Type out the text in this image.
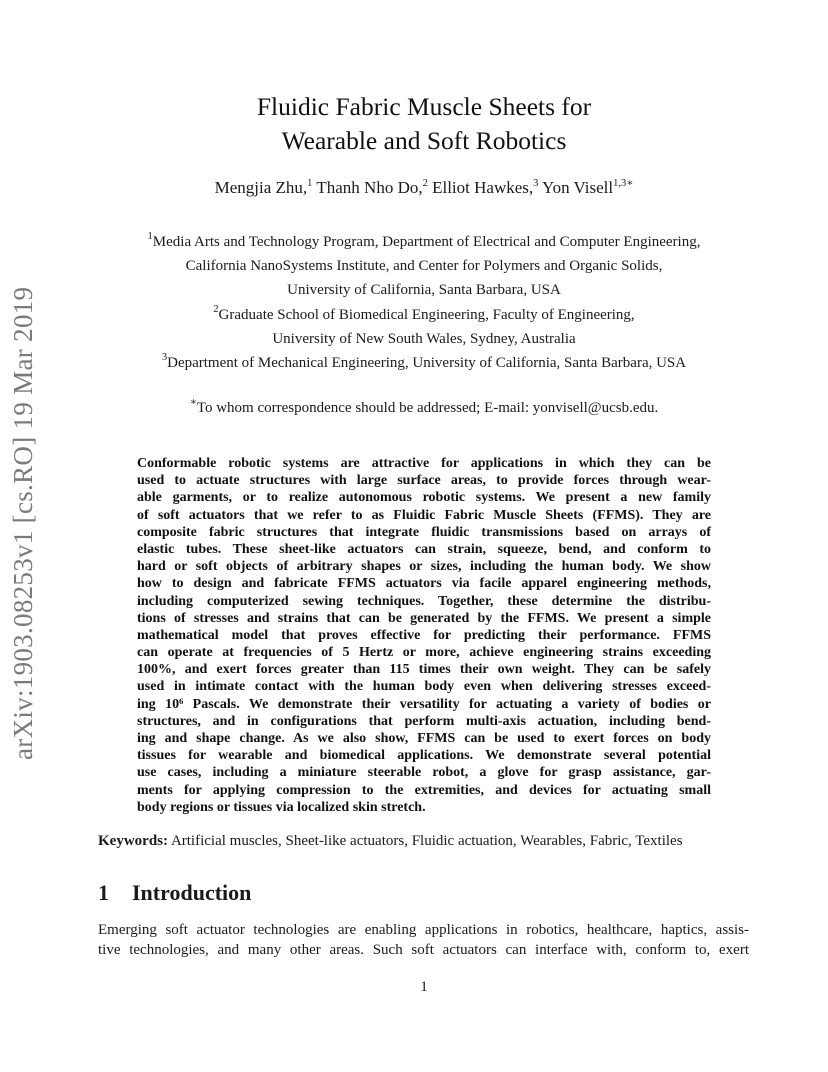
arXiv:1903.08253v1 [cs.RO] 19 Mar 2019
Fluidic Fabric Muscle Sheets for
Wearable and Soft Robotics
Mengjia Zhu,$^1$ Thanh Nho Do,$^2$ Elliot Hawkes,$^3$ Yon Visell$^{1,3∗}$
$^1$Media Arts and Technology Program, Department of Electrical and Computer Engineering,
California NanoSystems Institute, and Center for Polymers and Organic Solids,
University of California, Santa Barbara, USA
$^2$Graduate School of Biomedical Engineering, Faculty of Engineering,
University of New South Wales, Sydney, Australia
$^3$Department of Mechanical Engineering, University of California, Santa Barbara, USA
∗To whom correspondence should be addressed; E-mail: yonvisell@ucsb.edu.
Conformable robotic systems are attractive for applications in which they can be
used to actuate structures with large surface areas, to provide forces through wear-
able garments, or to realize autonomous robotic systems. We present a new family
of soft actuators that we refer to as Fluidic Fabric Muscle Sheets (FFMS). They are
composite fabric structures that integrate fluidic transmissions based on arrays of
elastic tubes. These sheet-like actuators can strain, squeeze, bend, and conform to
hard or soft objects of arbitrary shapes or sizes, including the human body. We show
how to design and fabricate FFMS actuators via facile apparel engineering methods,
including computerized sewing techniques. Together, these determine the distribu-
tions of stresses and strains that can be generated by the FFMS. We present a simple
mathematical model that proves effective for predicting their performance. FFMS
can operate at frequencies of 5 Hertz or more, achieve engineering strains exceeding
100%, and exert forces greater than 115 times their own weight. They can be safely
used in intimate contact with the human body even when delivering stresses exceed-
ing 10⁶ Pascals. We demonstrate their versatility for actuating a variety of bodies or
structures, and in configurations that perform multi-axis actuation, including bend-
ing and shape change. As we also show, FFMS can be used to exert forces on body
tissues for wearable and biomedical applications. We demonstrate several potential
use cases, including a miniature steerable robot, a glove for grasp assistance, gar-
ments for applying compression to the extremities, and devices for actuating small
body regions or tissues via localized skin stretch.
Keywords: Artificial muscles, Sheet-like actuators, Fluidic actuation, Wearables, Fabric, Textiles
1 Introduction
Emerging soft actuator technologies are enabling applications in robotics, healthcare, haptics, assis-
tive technologies, and many other areas. Such soft actuators can interface with, conform to, exert
1
